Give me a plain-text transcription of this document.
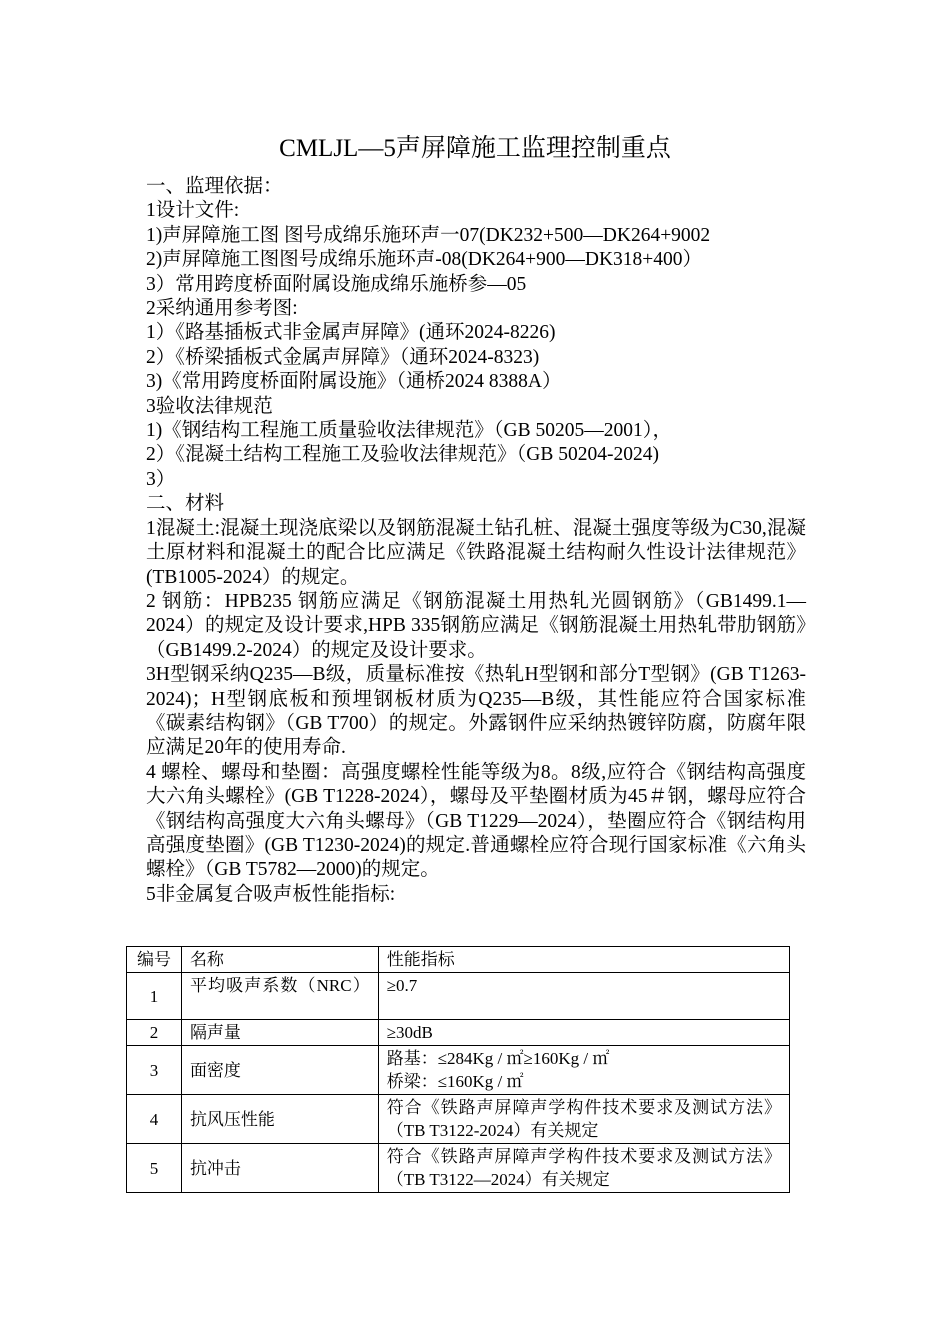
CMLJL—5声屏障施工监理控制重点

一、监理依据：

1设计文件:

1)声屏障施工图 图号成绵乐施环声一07(DK232+500—DK264+9002

2)声屏障施工图图号成绵乐施环声-08(DK264+900—DK318+400）

3）常用跨度桥面附属设施成绵乐施桥参—05

2采纳通用参考图:

1）《路基插板式非金属声屏障》(通环2024-8226)

2）《桥梁插板式金属声屏障》（通环2024-8323)

3)《常用跨度桥面附属设施》（通桥2024 8388A）

3验收法律规范

1)《钢结构工程施工质量验收法律规范》（GB 50205—2001），

2）《混凝土结构工程施工及验收法律规范》（GB 50204-2024)

3）

二、材料

1混凝土:混凝土现浇底梁以及钢筋混凝土钻孔桩、混凝土强度等级为C30,混凝土原材料和混凝土的配合比应满足《铁路混凝土结构耐久性设计法律规范》(TB1005-2024）的规定。

2 钢筋：HPB235 钢筋应满足《钢筋混凝土用热轧光圆钢筋》（GB1499.1—2024）的规定及设计要求,HPB 335钢筋应满足《钢筋混凝土用热轧带肋钢筋》（GB1499.2-2024）的规定及设计要求。

3H型钢采纳Q235—B级，质量标准按《热轧H型钢和部分T型钢》(GB T1263-2024)；H型钢底板和预埋钢板材质为Q235—B级，其性能应符合国家标准《碳素结构钢》（GB T700）的规定。外露钢件应采纳热镀锌防腐，防腐年限应满足20年的使用寿命.

4 螺栓、螺母和垫圈：高强度螺栓性能等级为8。8级,应符合《钢结构高强度大六角头螺栓》(GB T1228-2024），螺母及平垫圈材质为45＃钢，螺母应符合《钢结构高强度大六角头螺母》（GB T1229—2024），垫圈应符合《钢结构用高强度垫圈》(GB T1230-2024)的规定.普通螺栓应符合现行国家标准《六角头螺栓》（GB T5782—2000)的规定。

5非金属复合吸声板性能指标:

编号	名称	性能指标
1	平均吸声系数（NRC）	≥0.7
2	隔声量	≥30dB
3	面密度	路基：≤284Kg / ㎡≥160Kg / ㎡
桥梁：≤160Kg / ㎡

4	抗风压性能	符合《铁路声屏障声学构件技术要求及测试方法》（TB T3122-2024）有关规定
5	抗冲击	符合《铁路声屏障声学构件技术要求及测试方法》（TB T3122—2024）有关规定
